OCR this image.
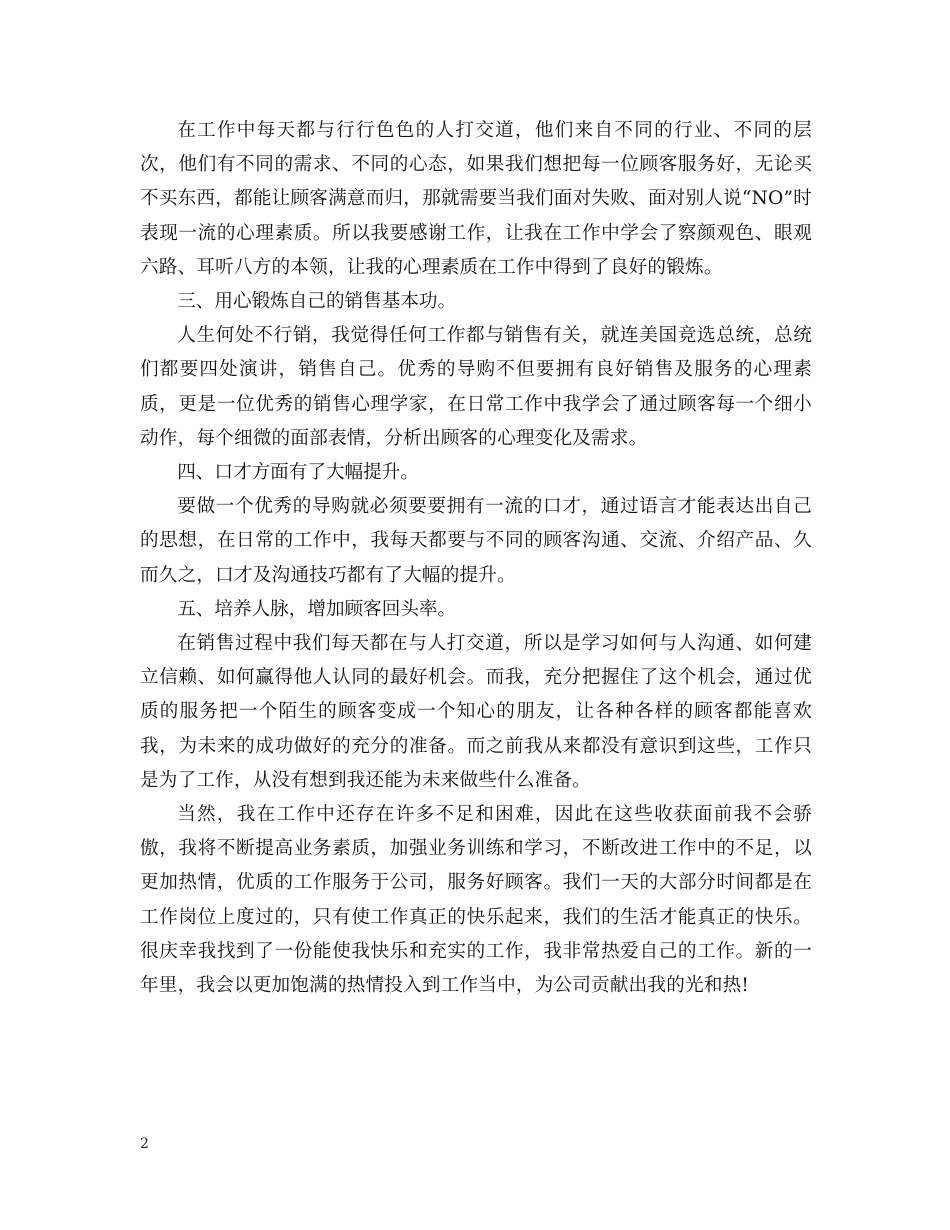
在工作中每天都与行行色色的人打交道，他们来自不同的行业、不同的层次，他们有不同的需求、不同的心态，如果我们想把每一位顾客服务好，无论买不买东西，都能让顾客满意而归，那就需要当我们面对失败、面对别人说“NO”时表现一流的心理素质。所以我要感谢工作，让我在工作中学会了察颜观色、眼观六路、耳听八方的本领，让我的心理素质在工作中得到了良好的锻炼。

三、用心锻炼自己的销售基本功。

人生何处不行销，我觉得任何工作都与销售有关，就连美国竞选总统，总统们都要四处演讲，销售自己。优秀的导购不但要拥有良好销售及服务的心理素质，更是一位优秀的销售心理学家，在日常工作中我学会了通过顾客每一个细小动作，每个细微的面部表情，分析出顾客的心理变化及需求。

四、口才方面有了大幅提升。

要做一个优秀的导购就必须要要拥有一流的口才，通过语言才能表达出自己的思想，在日常的工作中，我每天都要与不同的顾客沟通、交流、介绍产品、久而久之，口才及沟通技巧都有了大幅的提升。

五、培养人脉，增加顾客回头率。

在销售过程中我们每天都在与人打交道，所以是学习如何与人沟通、如何建立信赖、如何赢得他人认同的最好机会。而我，充分把握住了这个机会，通过优质的服务把一个陌生的顾客变成一个知心的朋友，让各种各样的顾客都能喜欢我，为未来的成功做好的充分的准备。而之前我从来都没有意识到这些，工作只是为了工作，从没有想到我还能为未来做些什么准备。

当然，我在工作中还存在许多不足和困难，因此在这些收获面前我不会骄傲，我将不断提高业务素质，加强业务训练和学习，不断改进工作中的不足，以更加热情，优质的工作服务于公司，服务好顾客。我们一天的大部分时间都是在工作岗位上度过的，只有使工作真正的快乐起来，我们的生活才能真正的快乐。很庆幸我找到了一份能使我快乐和充实的工作，我非常热爱自己的工作。新的一年里，我会以更加饱满的热情投入到工作当中，为公司贡献出我的光和热!

2
